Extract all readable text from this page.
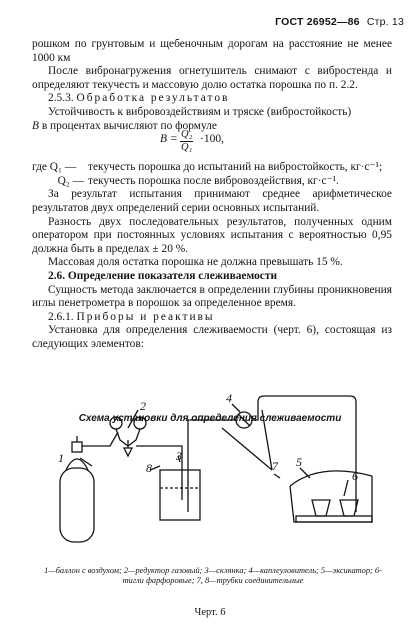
ГОСТ 26952—86 Стр. 13

рошком по грунтовым и щебеночным дорогам на расстояние не менее 1000 км

После вибронагружения огнетушитель снимают с вибростенда и определяют текучесть и массовую долю остатка порошка по п. 2.2.

2.5.3. Обработка результатов

Устойчивость к вибровоздействиям и тряске (вибростойкость)

B в процентах вычисляют по формуле

$B = \frac{\text{Q₂}}{\text{Q₁}} \cdot 100$,
где Q₁ —	текучесть порошка до испытаний на вибростойкость, кг·с⁻¹;
Q₂ — текучесть порошка после вибровоздействия, кг·с⁻¹.

За результат испытания принимают среднее арифметическое результатов двух определений серии основных испытаний.

Разность двух последовательных результатов, полученных одним оператором при постоянных условиях испытания с вероятностью 0,95 должна быть в пределах ± 20 %.

Массовая доля остатка порошка не должна превышать 15 %.

2.6. Определение показателя слеживаемости

Сущность метода заключается в определении глубины проникновения иглы пенетрометра в порошок за определенное время.

2.6.1. Приборы и реактивы

Установка для определения слеживаемости (черт. 6), состоящая из следующих элементов:

Схема установки для определения слеживаемости
1
2
3
4
5
6
7
8
1—баллон с воздухом; 2—редуктор газовый; 3—склянка; 4—каплеуловитель; 5—эксикатор; 6- тигли фарфоровые; 7, 8—трубки соединительные
Черт. 6
